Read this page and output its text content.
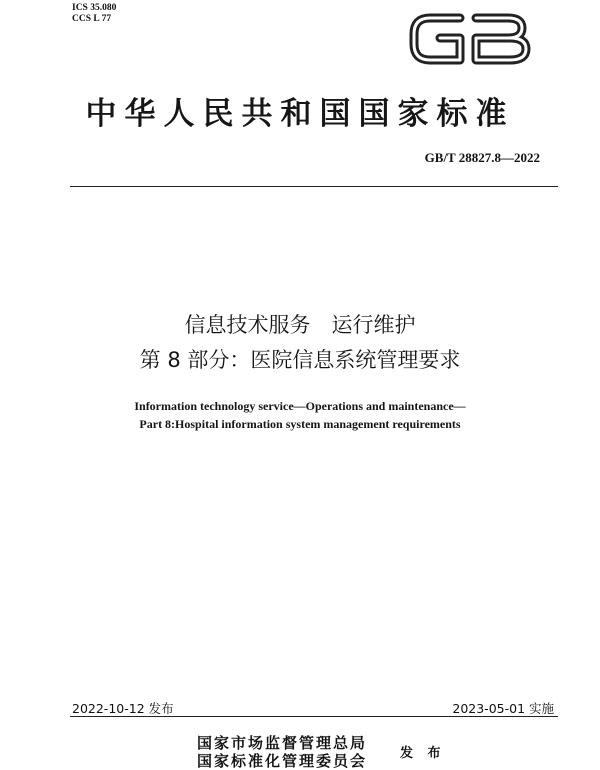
ICS 35.080
CCS L 77
中华人民共和国国家标准
GB/T 28827.8—2022
信息技术服务　运行维护
第 8 部分：医院信息系统管理要求
Information technology service—Operations and maintenance—
Part 8:Hospital information system management requirements
2022-10-12 发布	2023-05-01 实施
国家市场监督管理总局
国家标准化管理委员会	发 布
